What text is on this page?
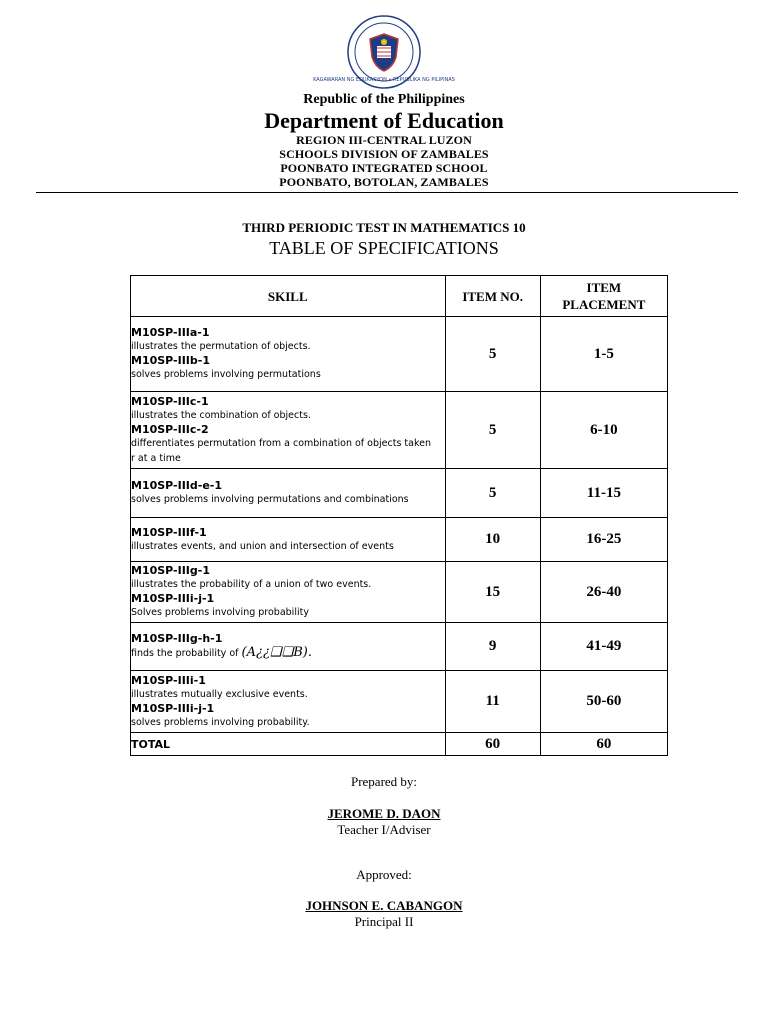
KAGAWARAN NG EDUKASYON • REPUBLIKA NG PILIPINAS
Republic of the Philippines
Department of Education
REGION III-CENTRAL LUZON
SCHOOLS DIVISION OF ZAMBALES
POONBATO INTEGRATED SCHOOL
POONBATO, BOTOLAN, ZAMBALES
THIRD PERIODIC TEST IN MATHEMATICS 10
TABLE OF SPECIFICATIONS
SKILL	ITEM NO.	ITEM
PLACEMENT

M10SP-IIIa-1
illustrates the permutation of objects.
M10SP-IIIb-1
solves problems involving permutations	5	1-5

M10SP-IIIc-1
illustrates the combination of objects.
M10SP-IIIc-2
differentiates permutation from a combination of objects taken
r at a time	5	6-10

M10SP-IIId-e-1
solves problems involving permutations and combinations	5	11-15

M10SP-IIIf-1
illustrates events, and union and intersection of events	10	16-25

M10SP-IIIg-1
illustrates the probability of a union of two events.
M10SP-IIIi-j-1
Solves problems involving probability	15	26-40

M10SP-IIIg-h-1
finds the probability of (A¿¿❑❑B).	9	41-49

M10SP-IIIi-1
illustrates mutually exclusive events.
M10SP-IIIi-j-1
solves problems involving probability.	11	50-60
TOTAL	60	60
Prepared by:
JEROME D. DAON
Teacher I/Adviser
Approved:
JOHNSON E. CABANGON
Principal II
